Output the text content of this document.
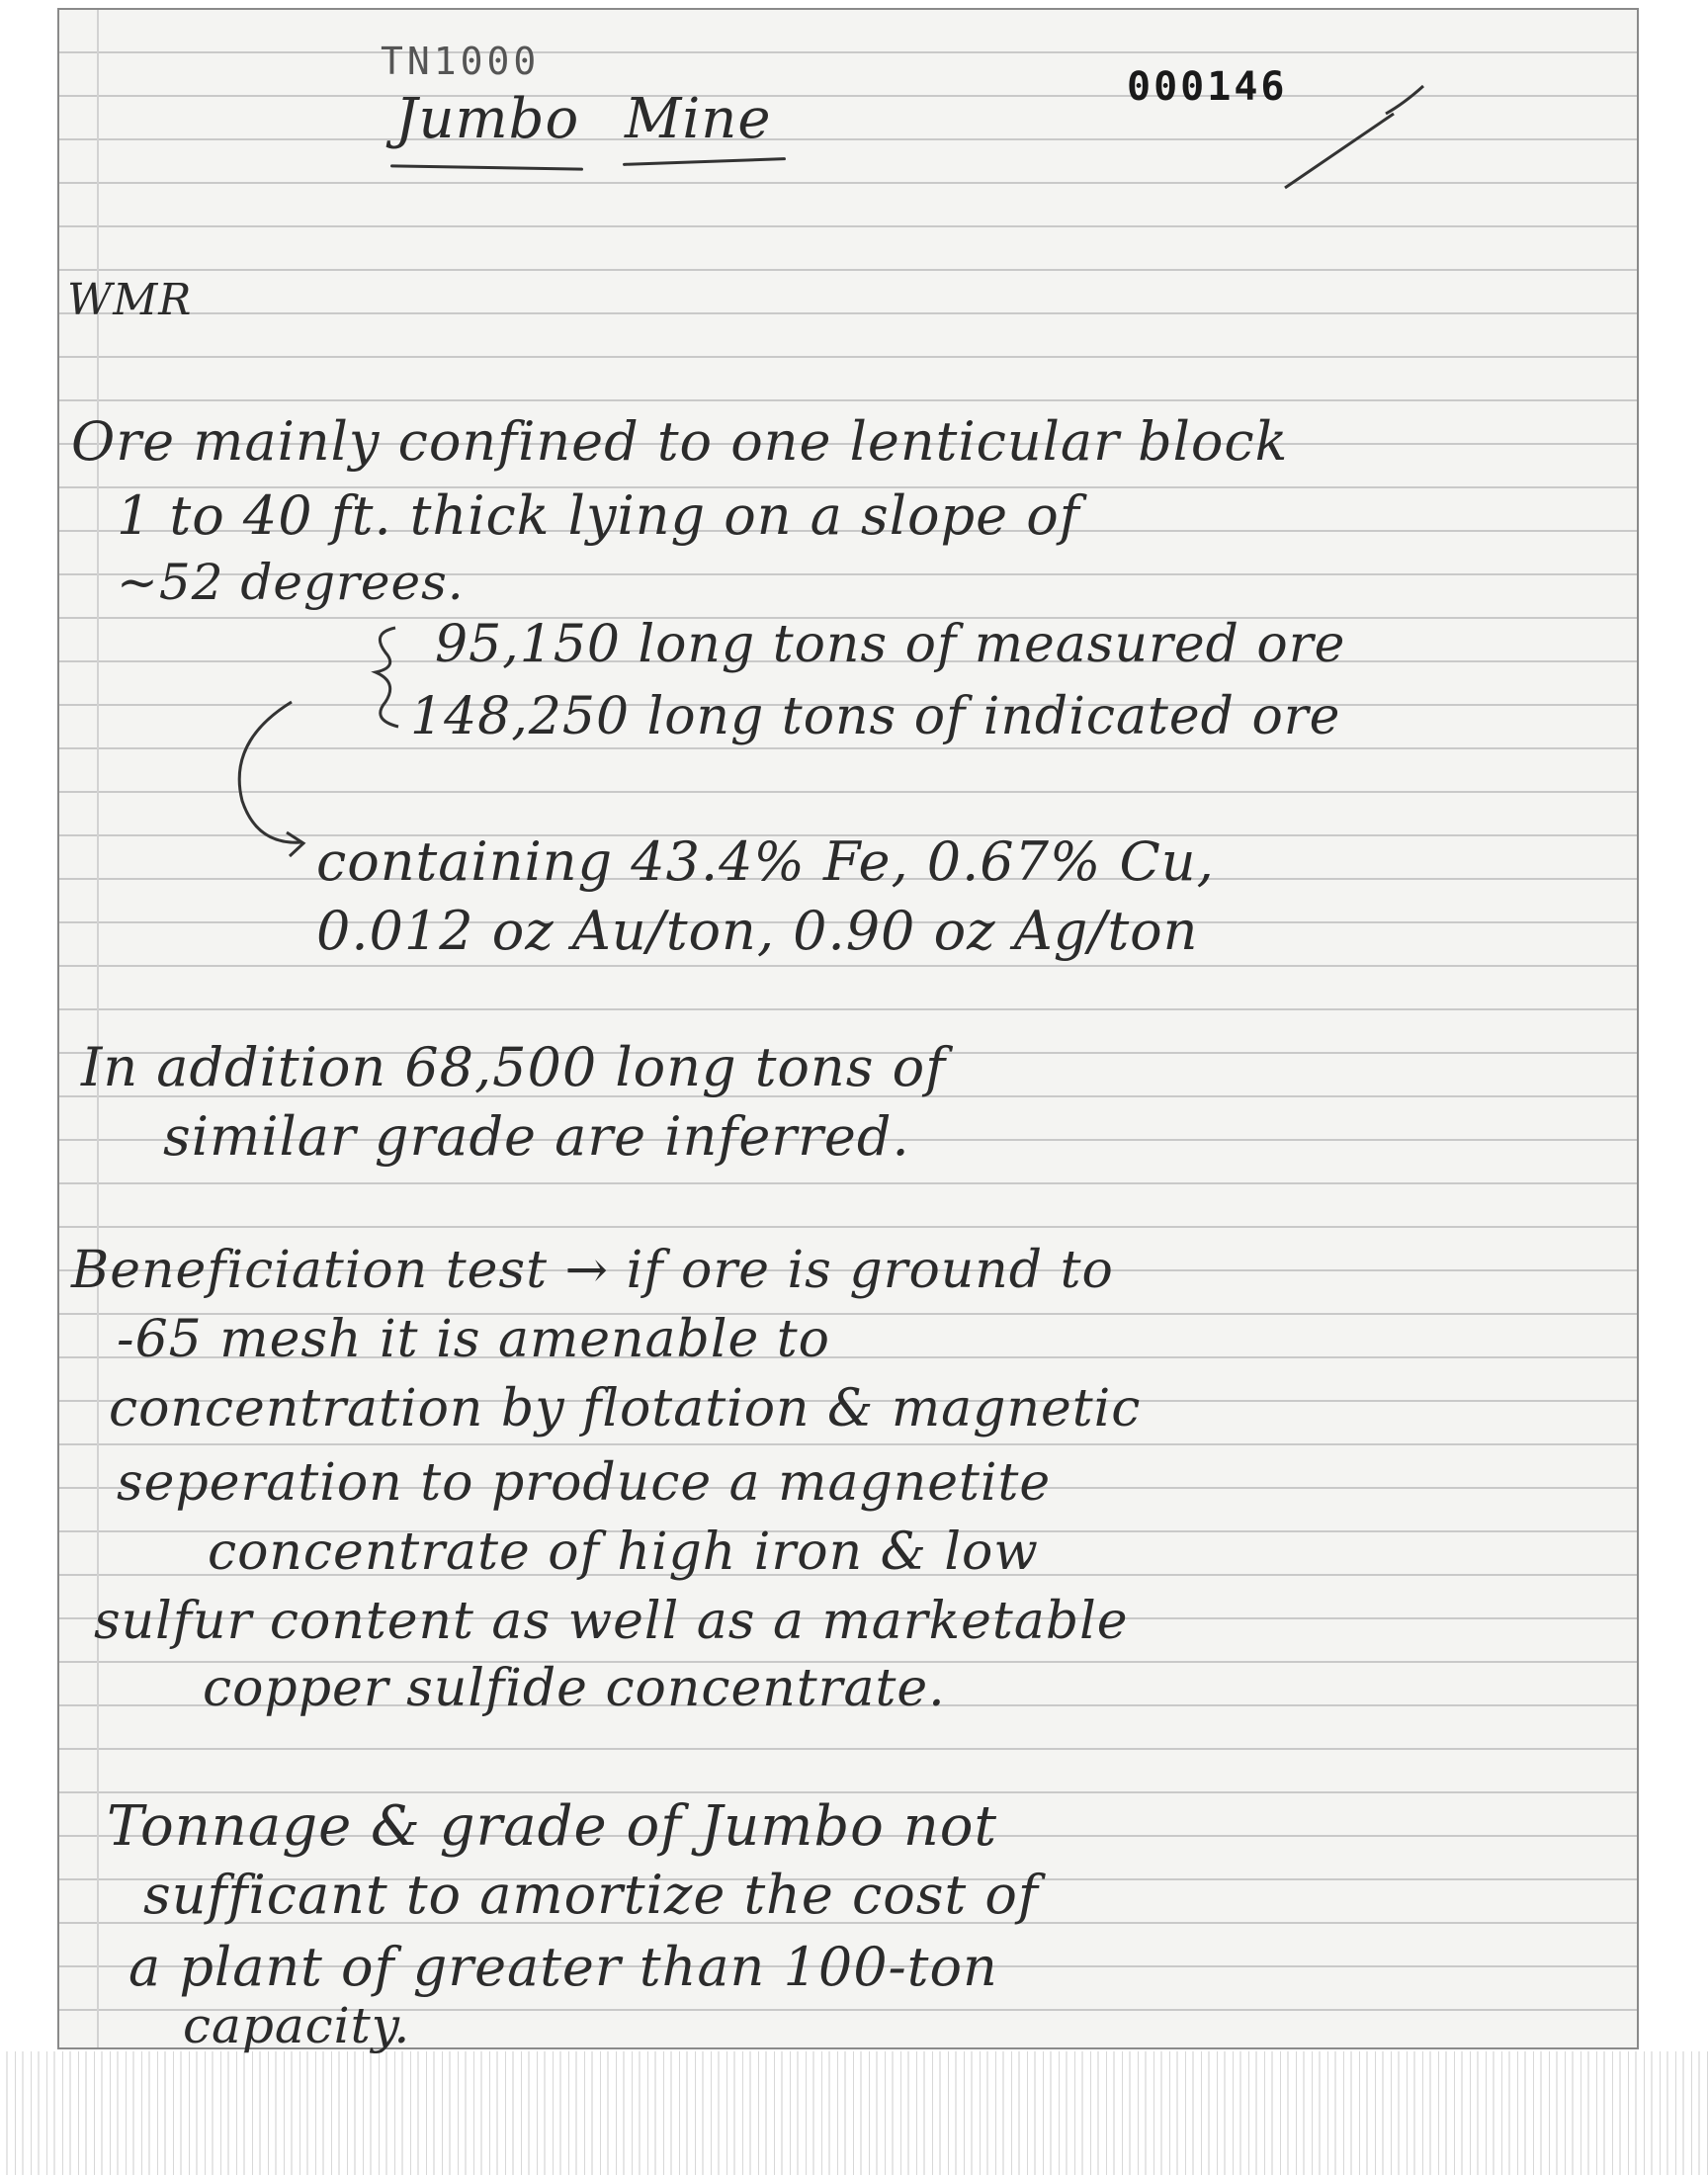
TN1000
000146
Jumbo Mine
WMR
Ore mainly confined to one lenticular block
1 to 40 ft. thick lying on a slope of
~52 degrees.
95,150 long tons of measured ore
148,250 long tons of indicated ore
containing 43.4% Fe, 0.67% Cu,
0.012 oz Au/ton, 0.90 oz Ag/ton
In addition 68,500 long tons of
similar grade are inferred.
Beneficiation test → if ore is ground to
-65 mesh it is amenable to
concentration by flotation & magnetic
seperation to produce a magnetite
concentrate of high iron & low
sulfur content as well as a marketable
copper sulfide concentrate.
Tonnage & grade of Jumbo not
sufficant to amortize the cost of
a plant of greater than 100-ton
capacity.
